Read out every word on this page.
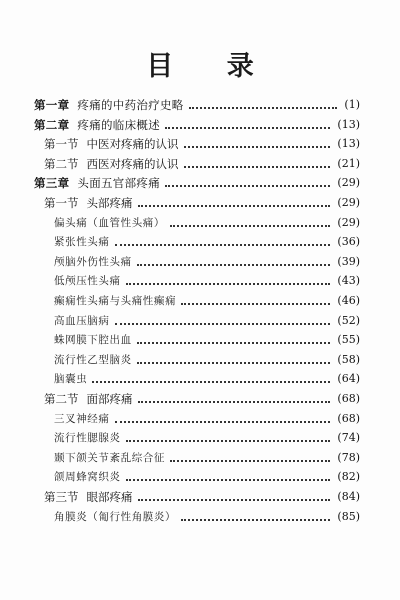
目 录
第一章 疼痛的中药治疗史略	(1)
第二章 疼痛的临床概述	(13)
第一节 中医对疼痛的认识	(13)
第二节 西医对疼痛的认识	(21)
第三章 头面五官部疼痛	(29)
第一节 头部疼痛	(29)
偏头痛（血管性头痛）	(29)
紧张性头痛	(36)
颅脑外伤性头痛	(39)
低颅压性头痛	(43)
癫痫性头痛与头痛性癫痫	(46)
高血压脑病	(52)
蛛网膜下腔出血	(55)
流行性乙型脑炎	(58)
脑囊虫	(64)
第二节 面部疼痛	(68)
三叉神经痛	(68)
流行性腮腺炎	(74)
颞下颌关节紊乱综合征	(78)
颌周蜂窝织炎	(82)
第三节 眼部疼痛	(84)
角膜炎（匍行性角膜炎）	(85)
